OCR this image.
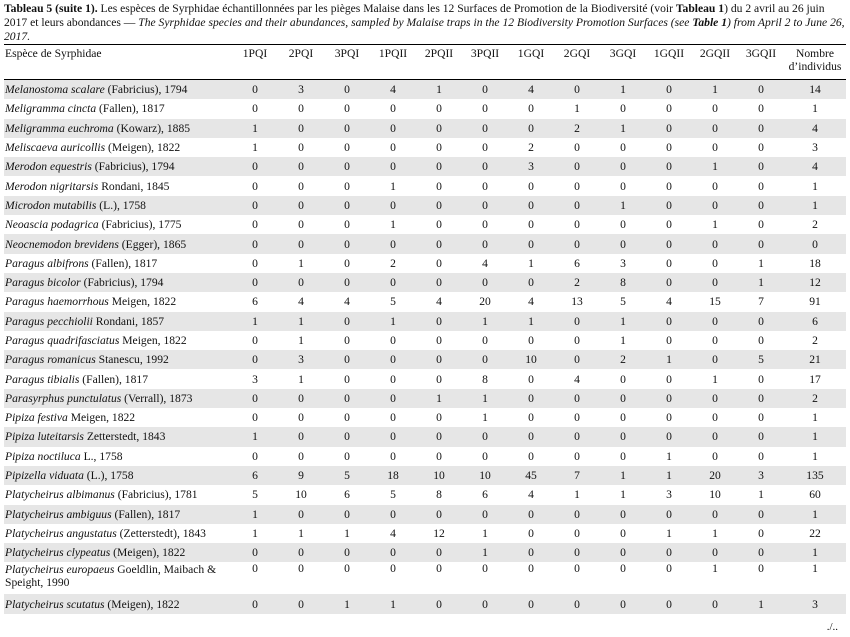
Tableau 5 (suite 1). Les espèces de Syrphidae échantillonnées par les pièges Malaise dans les 12 Surfaces de Promotion de la Biodiversité (voir Tableau 1) du 2 avril au 26 juin 2017 et leurs abondances — The Syrphidae species and their abundances, sampled by Malaise traps in the 12 Biodiversity Promotion Surfaces (see Table 1) from April 2 to June 26, 2017.
Espèce de Syrphidae	1PQI	2PQI	3PQI	1PQII	2PQII	3PQII	1GQI	2GQI	3GQI	1GQII	2GQII	3GQII	Nombre d’individus
Melanostoma scalare (Fabricius), 1794	0	3	0	4	1	0	4	0	1	0	1	0	14
Meligramma cincta (Fallen), 1817	0	0	0	0	0	0	0	1	0	0	0	0	1
Meligramma euchroma (Kowarz), 1885	1	0	0	0	0	0	0	2	1	0	0	0	4
Meliscaeva auricollis (Meigen), 1822	1	0	0	0	0	0	2	0	0	0	0	0	3
Merodon equestris (Fabricius), 1794	0	0	0	0	0	0	3	0	0	0	1	0	4
Merodon nigritarsis Rondani, 1845	0	0	0	1	0	0	0	0	0	0	0	0	1
Microdon mutabilis (L.), 1758	0	0	0	0	0	0	0	0	1	0	0	0	1
Neoascia podagrica (Fabricius), 1775	0	0	0	1	0	0	0	0	0	0	1	0	2
Neocnemodon brevidens (Egger), 1865	0	0	0	0	0	0	0	0	0	0	0	0	0
Paragus albifrons (Fallen), 1817	0	1	0	2	0	4	1	6	3	0	0	1	18
Paragus bicolor (Fabricius), 1794	0	0	0	0	0	0	0	2	8	0	0	1	12
Paragus haemorrhous Meigen, 1822	6	4	4	5	4	20	4	13	5	4	15	7	91
Paragus pecchiolii Rondani, 1857	1	1	0	1	0	1	1	0	1	0	0	0	6
Paragus quadrifasciatus Meigen, 1822	0	1	0	0	0	0	0	0	1	0	0	0	2
Paragus romanicus Stanescu, 1992	0	3	0	0	0	0	10	0	2	1	0	5	21
Paragus tibialis (Fallen), 1817	3	1	0	0	0	8	0	4	0	0	1	0	17
Parasyrphus punctulatus (Verrall), 1873	0	0	0	0	1	1	0	0	0	0	0	0	2
Pipiza festiva Meigen, 1822	0	0	0	0	0	1	0	0	0	0	0	0	1
Pipiza luteitarsis Zetterstedt, 1843	1	0	0	0	0	0	0	0	0	0	0	0	1
Pipiza noctiluca L., 1758	0	0	0	0	0	0	0	0	0	1	0	0	1
Pipizella viduata (L.), 1758	6	9	5	18	10	10	45	7	1	1	20	3	135
Platycheirus albimanus (Fabricius), 1781	5	10	6	5	8	6	4	1	1	3	10	1	60
Platycheirus ambiguus (Fallen), 1817	1	0	0	0	0	0	0	0	0	0	0	0	1
Platycheirus angustatus (Zetterstedt), 1843	1	1	1	4	12	1	0	0	0	1	1	0	22
Platycheirus clypeatus (Meigen), 1822	0	0	0	0	0	1	0	0	0	0	0	0	1
Platycheirus europaeus Goeldlin, Maibach & Speight, 1990	0	0	0	0	0	0	0	0	0	0	1	0	1
Platycheirus scutatus (Meigen), 1822	0	0	1	1	0	0	0	0	0	0	0	1	3
./..
